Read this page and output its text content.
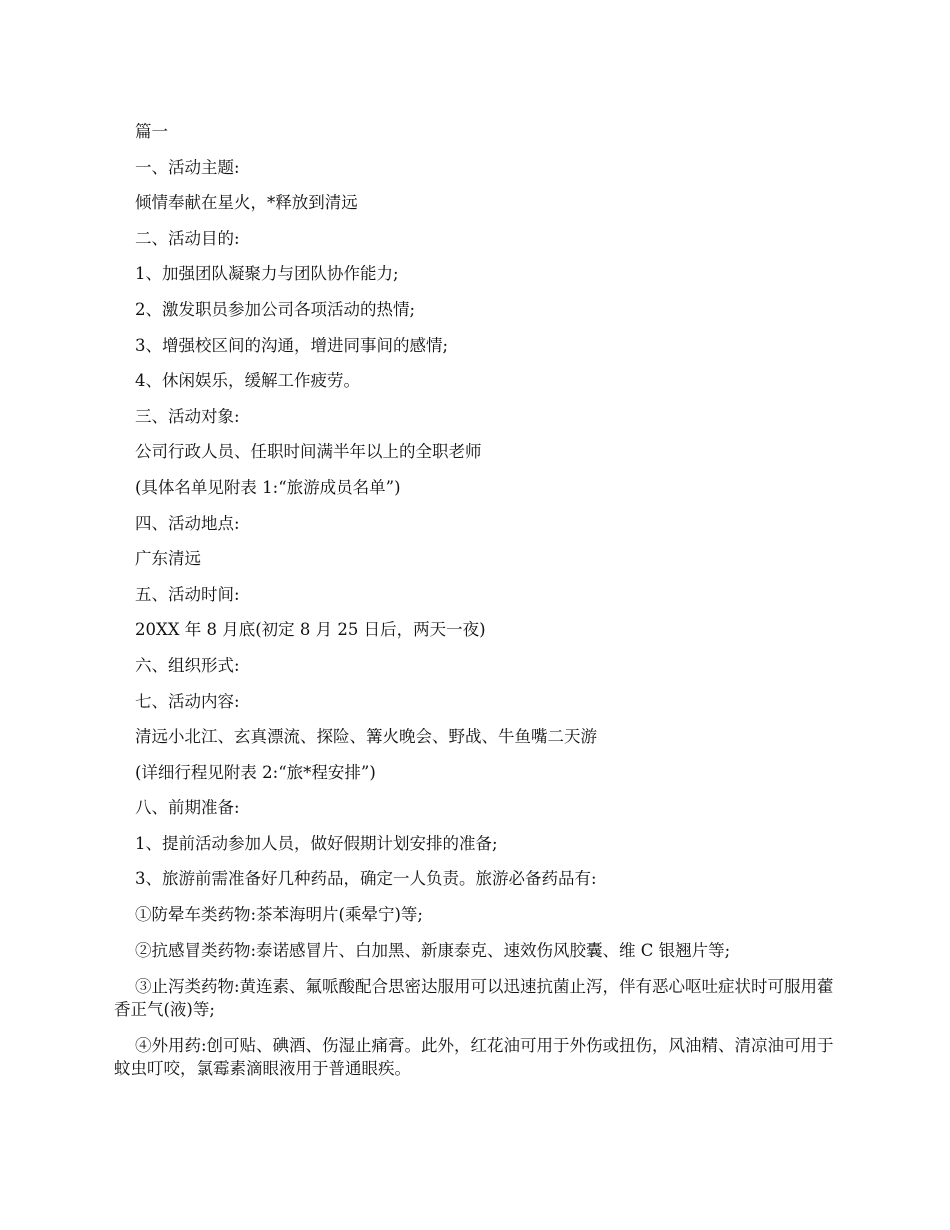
篇一
一、活动主题:
倾情奉献在星火，*释放到清远
二、活动目的:
1、加强团队凝聚力与团队协作能力;
2、激发职员参加公司各项活动的热情;
3、增强校区间的沟通，增进同事间的感情;
4、休闲娱乐，缓解工作疲劳。
三、活动对象:
公司行政人员、任职时间满半年以上的全职老师
(具体名单见附表 1:“旅游成员名单”)
四、活动地点:
广东清远
五、活动时间:
20XX 年 8 月底(初定 8 月 25 日后，两天一夜)
六、组织形式:
七、活动内容:
清远小北江、玄真漂流、探险、篝火晚会、野战、牛鱼嘴二天游
(详细行程见附表 2:“旅*程安排”)
八、前期准备:
1、提前活动参加人员，做好假期计划安排的准备;
3、旅游前需准备好几种药品，确定一人负责。旅游必备药品有:
①防晕车类药物:茶苯海明片(乘晕宁)等;
②抗感冒类药物:泰诺感冒片、白加黑、新康泰克、速效伤风胶囊、维 C 银翘片等;
③止泻类药物:黄连素、氟哌酸配合思密达服用可以迅速抗菌止泻，伴有恶心呕吐症状时可服用藿香正气(液)等;
④外用药:创可贴、碘酒、伤湿止痛膏。此外，红花油可用于外伤或扭伤，风油精、清凉油可用于蚊虫叮咬，氯霉素滴眼液用于普通眼疾。
